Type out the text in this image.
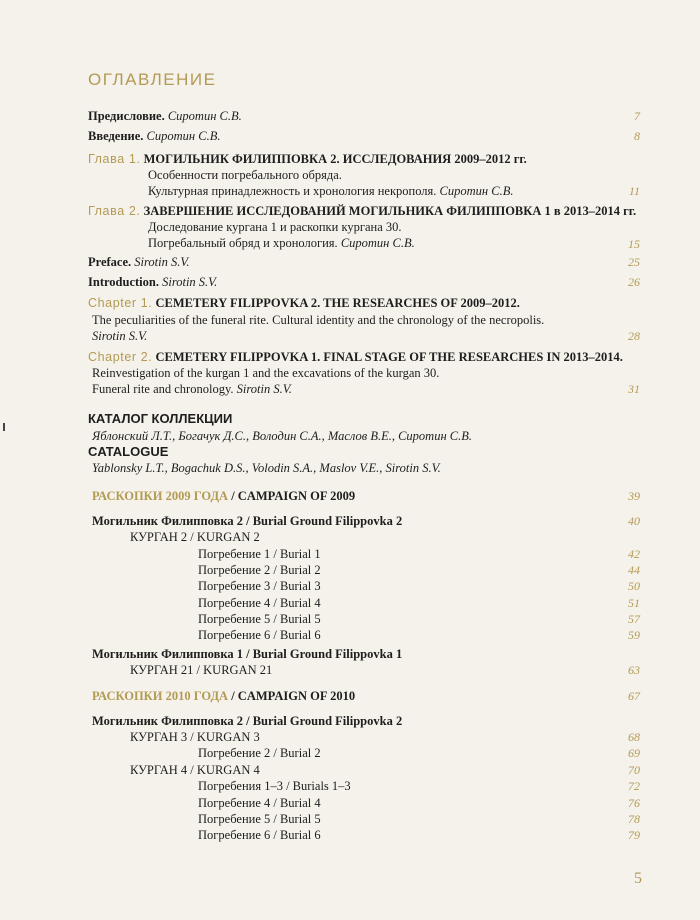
ОГЛАВЛЕНИЕ
Предисловие. Сиротин С.В.	7
Введение. Сиротин С.В.	8
Глава 1. МОГИЛЬНИК ФИЛИППОВКА 2. ИССЛЕДОВАНИЯ 2009–2012 гг.
Особенности погребального обряда.
Культурная принадлежность и хронология некрополя. Сиротин С.В.	11
Глава 2. ЗАВЕРШЕНИЕ ИССЛЕДОВАНИЙ МОГИЛЬНИКА ФИЛИППОВКА 1 в 2013–2014 гг.
Доследование кургана 1 и раскопки кургана 30.
Погребальный обряд и хронология. Сиротин С.В.	15
Preface. Sirotin S.V.	25
Introduction. Sirotin S.V.	26
Chapter 1. CEMETERY FILIPPOVKA 2. THE RESEARCHES OF 2009–2012.
The peculiarities of the funeral rite. Cultural identity and the chronology of the necropolis.
Sirotin S.V.	28
Chapter 2. CEMETERY FILIPPOVKA 1. FINAL STAGE OF THE RESEARCHES IN 2013–2014.
Reinvestigation of the kurgan 1 and the excavations of the kurgan 30.
Funeral rite and chronology. Sirotin S.V.	31
КАТАЛОГ КОЛЛЕКЦИИ
Яблонский Л.Т., Богачук Д.С., Володин С.А., Маслов В.Е., Сиротин С.В.
CATALOGUE
Yablonsky L.T., Bogachuk D.S., Volodin S.A., Maslov V.E., Sirotin S.V.
РАСКОПКИ 2009 ГОДА / CAMPAIGN OF 2009	39
Могильник Филипповка 2 / Burial Ground Filippovka 2	40
КУРГАН 2 / KURGAN 2
Погребение 1 / Burial 1	42
Погребение 2 / Burial 2	44
Погребение 3 / Burial 3	50
Погребение 4 / Burial 4	51
Погребение 5 / Burial 5	57
Погребение 6 / Burial 6	59
Могильник Филипповка 1 / Burial Ground Filippovka 1
КУРГАН 21 / KURGAN 21	63
РАСКОПКИ 2010 ГОДА / CAMPAIGN OF 2010	67
Могильник Филипповка 2 / Burial Ground Filippovka 2
КУРГАН 3 / KURGAN 3	68
Погребение 2 / Burial 2	69
КУРГАН 4 / KURGAN 4	70
Погребения 1–3 / Burials 1–3	72
Погребение 4 / Burial 4	76
Погребение 5 / Burial 5	78
Погребение 6 / Burial 6	79
5
